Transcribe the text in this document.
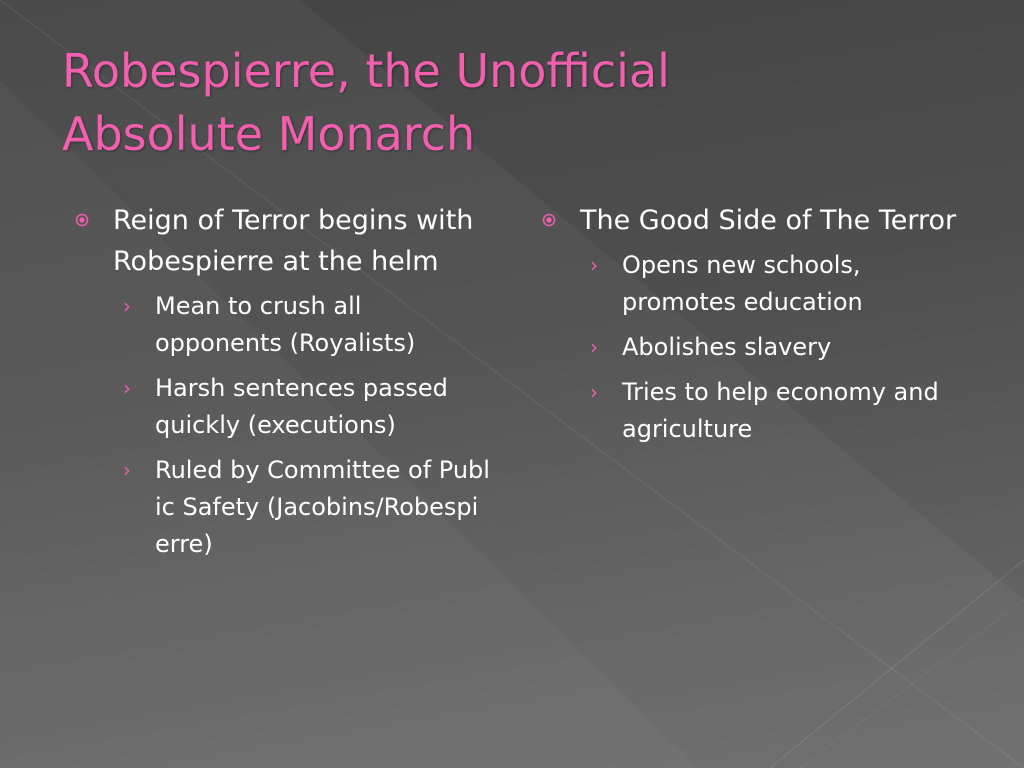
Robespierre, the Unofficial
Absolute Monarch
Reign of Terror begins with Robespierre at the helm
› Mean to crush all opponents (Royalists)
› Harsh sentences passed quickly (executions)
› Ruled by Committee of Public Safety (Jacobins/Robespierre)
The Good Side of The Terror
› Opens new schools, promotes education
› Abolishes slavery
› Tries to help economy and agriculture
